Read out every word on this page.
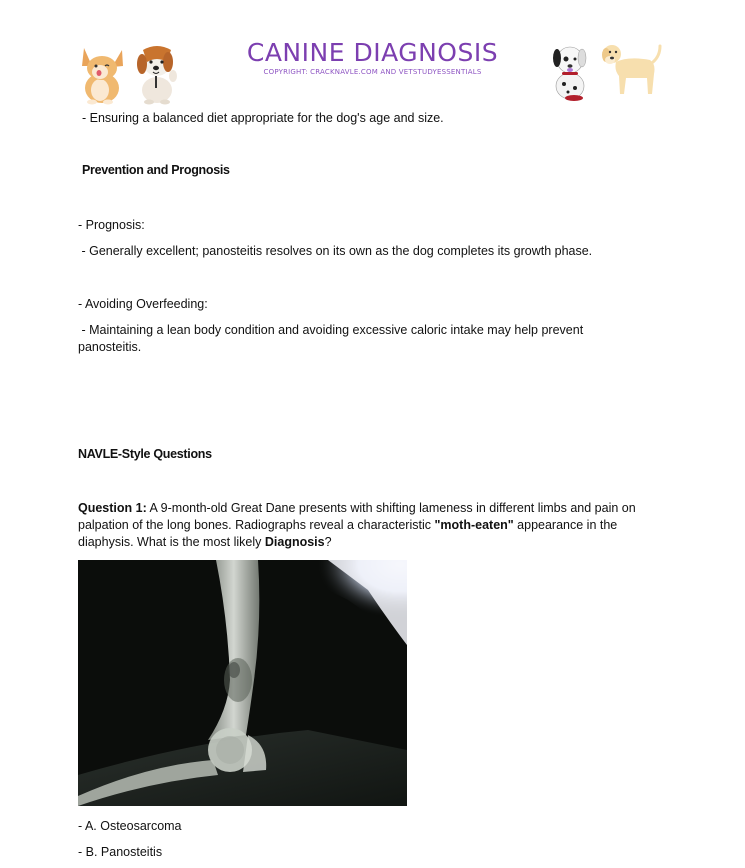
CANINE DIAGNOSIS
COPYRIGHT: CRACKNAVLE.COM AND VETSTUDYESSENTIALS
- Ensuring a balanced diet appropriate for the dog's age and size.
Prevention and Prognosis
- Prognosis:
- Generally excellent; panosteitis resolves on its own as the dog completes its growth phase.
- Avoiding Overfeeding:
- Maintaining a lean body condition and avoiding excessive caloric intake may help prevent panosteitis.
NAVLE-Style Questions
Question 1: A 9-month-old Great Dane presents with shifting lameness in different limbs and pain on palpation of the long bones. Radiographs reveal a characteristic "moth-eaten" appearance in the diaphysis. What is the most likely Diagnosis?
- A. Osteosarcoma
- B. Panosteitis
